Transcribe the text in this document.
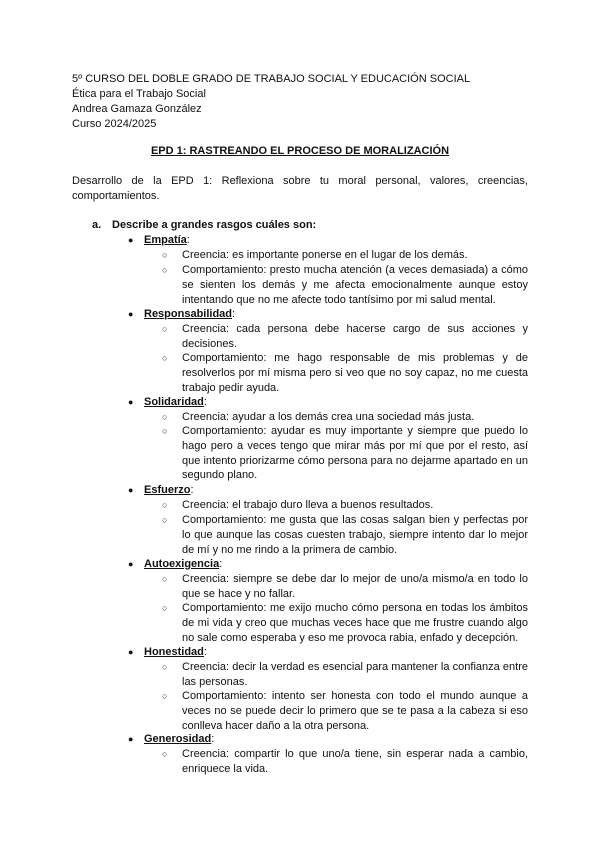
5º CURSO DEL DOBLE GRADO DE TRABAJO SOCIAL Y EDUCACIÓN SOCIAL
Ética para el Trabajo Social
Andrea Gamaza González
Curso 2024/2025
EPD 1: RASTREANDO EL PROCESO DE MORALIZACIÓN
Desarrollo de la EPD 1: Reflexiona sobre tu moral personal, valores, creencias,
comportamientos.
a. Describe a grandes rasgos cuáles son:
● Empatía:
○ Creencia: es importante ponerse en el lugar de los demás.
○ Comportamiento: presto mucha atención (a veces demasiada) a cómo se sienten los demás y me afecta emocionalmente aunque estoy intentando que no me afecte todo tantísimo por mi salud mental.
● Responsabilidad:
○ Creencia: cada persona debe hacerse cargo de sus acciones y decisiones.
○ Comportamiento: me hago responsable de mis problemas y de resolverlos por mí misma pero si veo que no soy capaz, no me cuesta trabajo pedir ayuda.
● Solidaridad:
○ Creencia: ayudar a los demás crea una sociedad más justa.
○ Comportamiento: ayudar es muy importante y siempre que puedo lo hago pero a veces tengo que mirar más por mí que por el resto, así que intento priorizarme cómo persona para no dejarme apartado en un segundo plano.
● Esfuerzo:
○ Creencia: el trabajo duro lleva a buenos resultados.
○ Comportamiento: me gusta que las cosas salgan bien y perfectas por lo que aunque las cosas cuesten trabajo, siempre intento dar lo mejor de mí y no me rindo a la primera de cambio.
● Autoexigencia:
○ Creencia: siempre se debe dar lo mejor de uno/a mismo/a en todo lo que se hace y no fallar.
○ Comportamiento: me exijo mucho cómo persona en todas los ámbitos de mi vida y creo que muchas veces hace que me frustre cuando algo no sale como esperaba y eso me provoca rabia, enfado y decepción.
● Honestidad:
○ Creencia: decir la verdad es esencial para mantener la confianza entre las personas.
○ Comportamiento: intento ser honesta con todo el mundo aunque a veces no se puede decir lo primero que se te pasa a la cabeza si eso conlleva hacer daño a la otra persona.
● Generosidad:
○ Creencia: compartir lo que uno/a tiene, sin esperar nada a cambio, enriquece la vida.
